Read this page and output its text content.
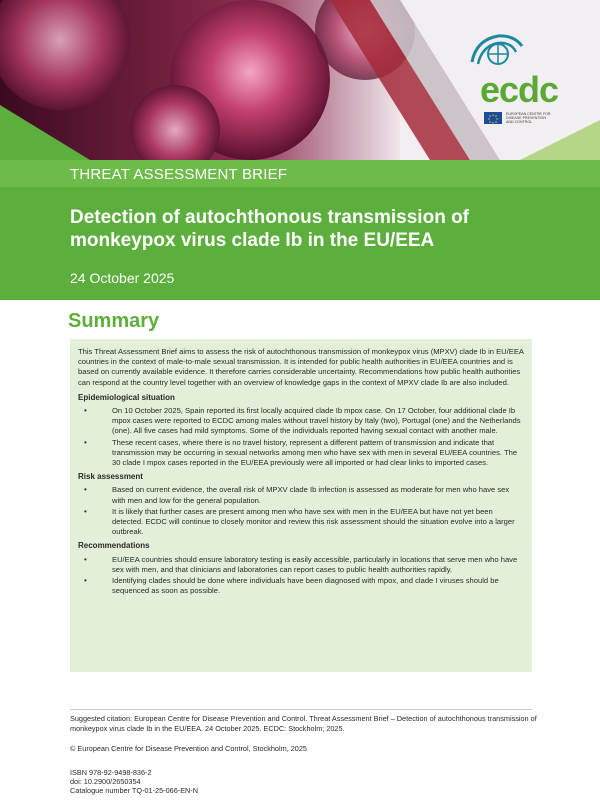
ecdc
EUROPEAN CENTRE FOR
DISEASE PREVENTION
AND CONTROL
THREAT ASSESSMENT BRIEF
Detection of autochthonous transmission of monkeypox virus clade Ib in the EU/EEA
24 October 2025
Summary

This Threat Assessment Brief aims to assess the risk of autochthonous transmission of monkeypox virus (MPXV) clade Ib in EU/EEA countries in the context of male-to-male sexual transmission. It is intended for public health authorities in EU/EEA countries and is based on currently available evidence. It therefore carries considerable uncertainty. Recommendations how public health authorities can respond at the country level together with an overview of knowledge gaps in the context of MPXV clade Ib are also included.

Epidemiological situation
• On 10 October 2025, Spain reported its first locally acquired clade Ib mpox case. On 17 October, four additional clade Ib mpox cases were reported to ECDC among males without travel history by Italy (two), Portugal (one) and the Netherlands (one). All five cases had mild symptoms. Some of the individuals reported having sexual contact with another male.
• These recent cases, where there is no travel history, represent a different pattern of transmission and indicate that transmission may be occurring in sexual networks among men who have sex with men in several EU/EEA countries. The 30 clade I mpox cases reported in the EU/EEA previously were all imported or had clear links to imported cases.
Risk assessment
• Based on current evidence, the overall risk of MPXV clade Ib infection is assessed as moderate for men who have sex with men and low for the general population.
• It is likely that further cases are present among men who have sex with men in the EU/EEA but have not yet been detected. ECDC will continue to closely monitor and review this risk assessment should the situation evolve into a larger outbreak.
Recommendations
• EU/EEA countries should ensure laboratory testing is easily accessible, particularly in locations that serve men who have sex with men, and that clinicians and laboratories can report cases to public health authorities rapidly.
• Identifying clades should be done where individuals have been diagnosed with mpox, and clade I viruses should be sequenced as soon as possible.
Suggested citation: European Centre for Disease Prevention and Control. Threat Assessment Brief – Detection of autochthonous transmission of monkeypox virus clade Ib in the EU/EEA. 24 October 2025. ECDC: Stockholm; 2025.
© European Centre for Disease Prevention and Control, Stockholm, 2025
ISBN 978-92-9498-836-2
doi: 10.2900/2650354
Catalogue number TQ-01-25-066-EN-N
